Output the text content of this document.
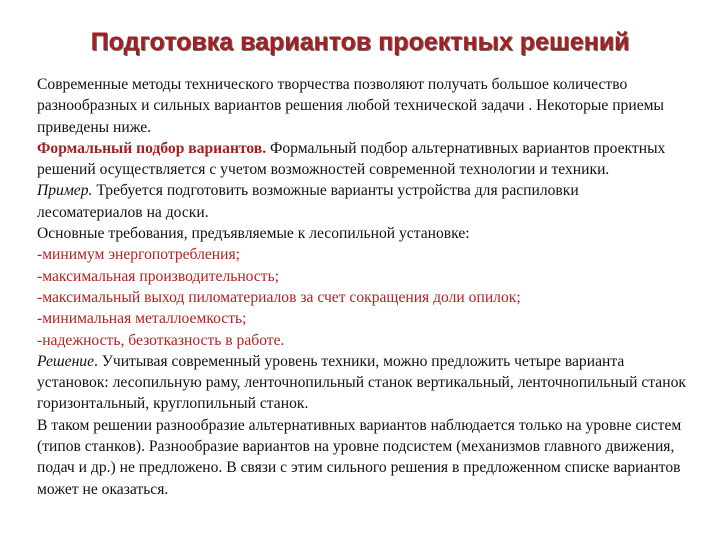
Подготовка вариантов проектных решений

Современные методы технического творчества позволяют получать большое количество разнообразных и сильных вариантов решения любой технической задачи . Некоторые приемы приведены ниже.

Формальный подбор вариантов. Формальный подбор альтернативных вариантов проектных решений осуществляется с учетом возможностей современной технологии и техники.

Пример. Требуется подготовить возможные варианты устройства для распиловки лесоматериалов на доски.

Основные требования, предъявляемые к лесопильной установке:

-минимум энергопотребления;

-максимальная производительность;

-максимальный выход пиломатериалов за счет сокращения доли опилок;

-минимальная металлоемкость;

-надежность, безотказность в работе.

Решение. Учитывая современный уровень техники, можно предложить четыре варианта установок: лесопильную раму, ленточнопильный станок вертикальный, ленточнопильный станок горизонтальный, круглопильный станок.

В таком решении разнообразие альтернативных вариантов наблюдается только на уровне систем (типов станков). Разнообразие вариантов на уровне подсистем (механизмов главного движения, подач и др.) не предложено. В связи с этим сильного решения в предложенном списке вариантов может не оказаться.
